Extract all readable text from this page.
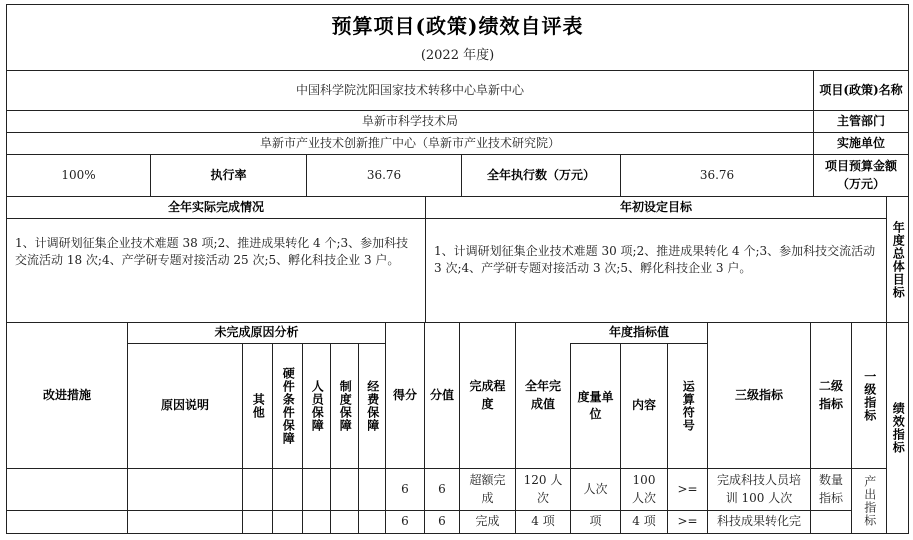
预算项目(政策)绩效自评表
(2022 年度)
项目(政策)名称
中国科学院沈阳国家技术转移中心阜新中心
主管部门
阜新市科学技术局
实施单位
阜新市产业技术创新推广中心（阜新市产业技术研究院）
项目预算金额（万元）
36.76
全年执行数（万元）
36.76
执行率
100%
年度总体目标
年初设定目标
全年实际完成情况
1、计调研划征集企业技术难题 30 项;2、推进成果转化 4 个;3、参加科技交流活动 3 次;4、产学研专题对接活动 3 次;5、孵化科技企业 3 户。
1、计调研划征集企业技术难题 38 项;2、推进成果转化 4 个;3、参加科技交流活动 18 次;4、产学研专题对接活动 25 次;5、孵化科技企业 3 户。
绩效指标
一级指标
二级指标
三级指标
年度指标值
运算符号
内容
度量单位
全年完成值
完成程度
分值
得分
未完成原因分析
经费保障
制度保障
人员保障
硬件条件保障
其他
原因说明
改进措施
产出指标
数量指标
完成科技人员培训 100 人次
>=
100 人次
人次
120 人次
超额完成
6
6
科技成果转化完
>=
4 项
项
4 项
完成
6
6
